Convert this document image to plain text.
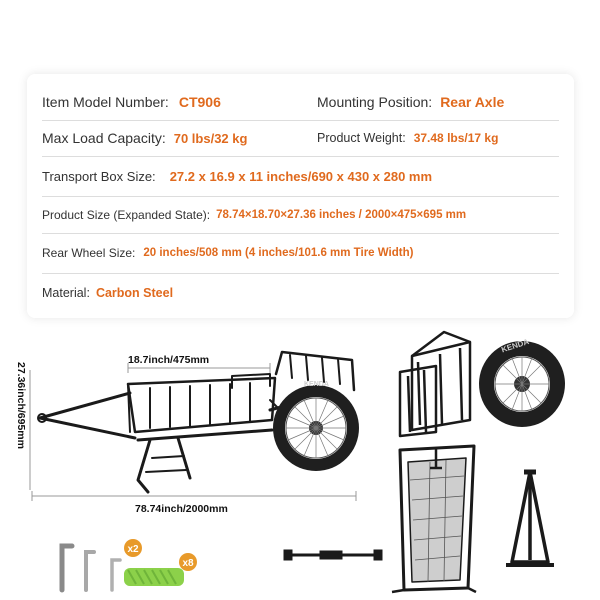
Item Model Number: CT906	Mounting Position: Rear Axle
Max Load Capacity: 70 lbs/32 kg	Product Weight: 37.48 lbs/17 kg
Transport Box Size: 27.2 x 16.9 x 11 inches/690 x 430 x 280 mm
Product Size (Expanded State): 78.74×18.70×27.36 inches / 2000×475×695 mm
Rear Wheel Size: 20 inches/508 mm (4 inches/101.6 mm Tire Width)
Material: Carbon Steel
18.7inch/475mm
27.36inch/695mm
78.74inch/2000mm
KENDA
KENDA
x2
x8
